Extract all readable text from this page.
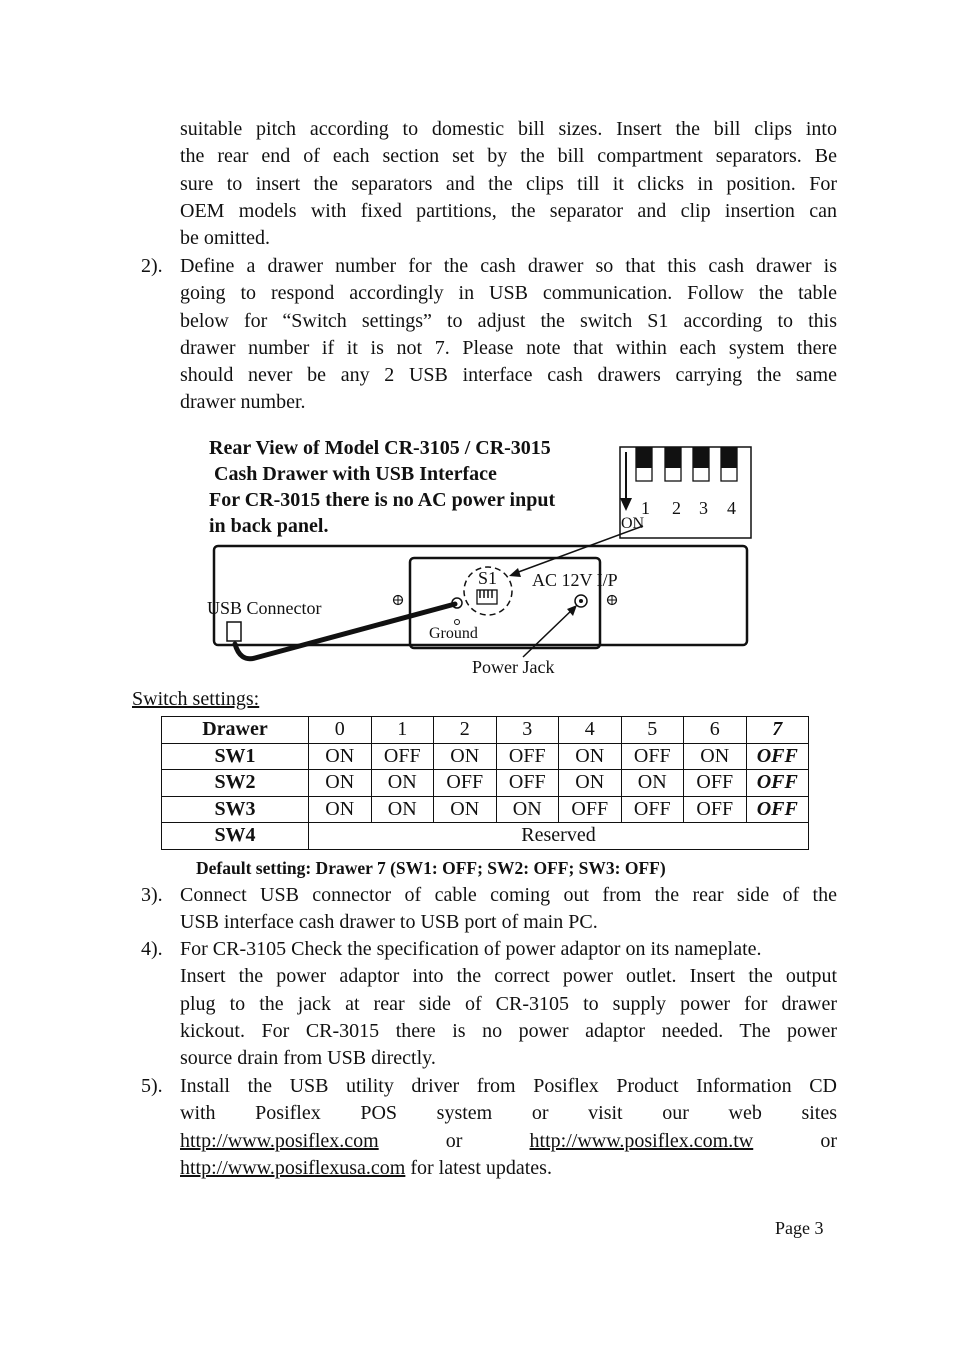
suitable pitch according to domestic bill sizes. Insert the bill clips into
the rear end of each section set by the bill compartment separators. Be
sure to insert the separators and the clips till it clicks in position. For
OEM models with fixed partitions, the separator and clip insertion can
be omitted.
2). Define a drawer number for the cash drawer so that this cash drawer is
going to respond accordingly in USB communication. Follow the table
below for “Switch settings” to adjust the switch S1 according to this
drawer number if it is not 7. Please note that within each system there
should never be any 2 USB interface cash drawers carrying the same
drawer number.
Rear View of Model CR-3105 / CR-3015
Cash Drawer with USB Interface
For CR-3015 there is no AC power input
in back panel.
1 2 3 4
ON
S1 AC 12V I/P
USB Connector
Ground
Power Jack
Switch settings:
Drawer	0	1	2	3	4	5	6	7
SW1	ON	OFF	ON	OFF	ON	OFF	ON	OFF
SW2	ON	ON	OFF	OFF	ON	ON	OFF	OFF
SW3	ON	ON	ON	ON	OFF	OFF	OFF	OFF
SW4	Reserved							
Default setting: Drawer 7 (SW1: OFF; SW2: OFF; SW3: OFF)
3). Connect USB connector of cable coming out from the rear side of the
USB interface cash drawer to USB port of main PC.
4). For CR-3105 Check the specification of power adaptor on its nameplate.
Insert the power adaptor into the correct power outlet. Insert the output
plug to the jack at rear side of CR-3105 to supply power for drawer
kickout. For CR-3015 there is no power adaptor needed. The power
source drain from USB directly.
5). Install the USB utility driver from Posiflex Product Information CD
with Posiflex POS system or visit our web sites
http://www.posiflex.com	or	http://www.posiflex.com.tw	or
http://www.posiflexusa.com for latest updates.
Page 3
